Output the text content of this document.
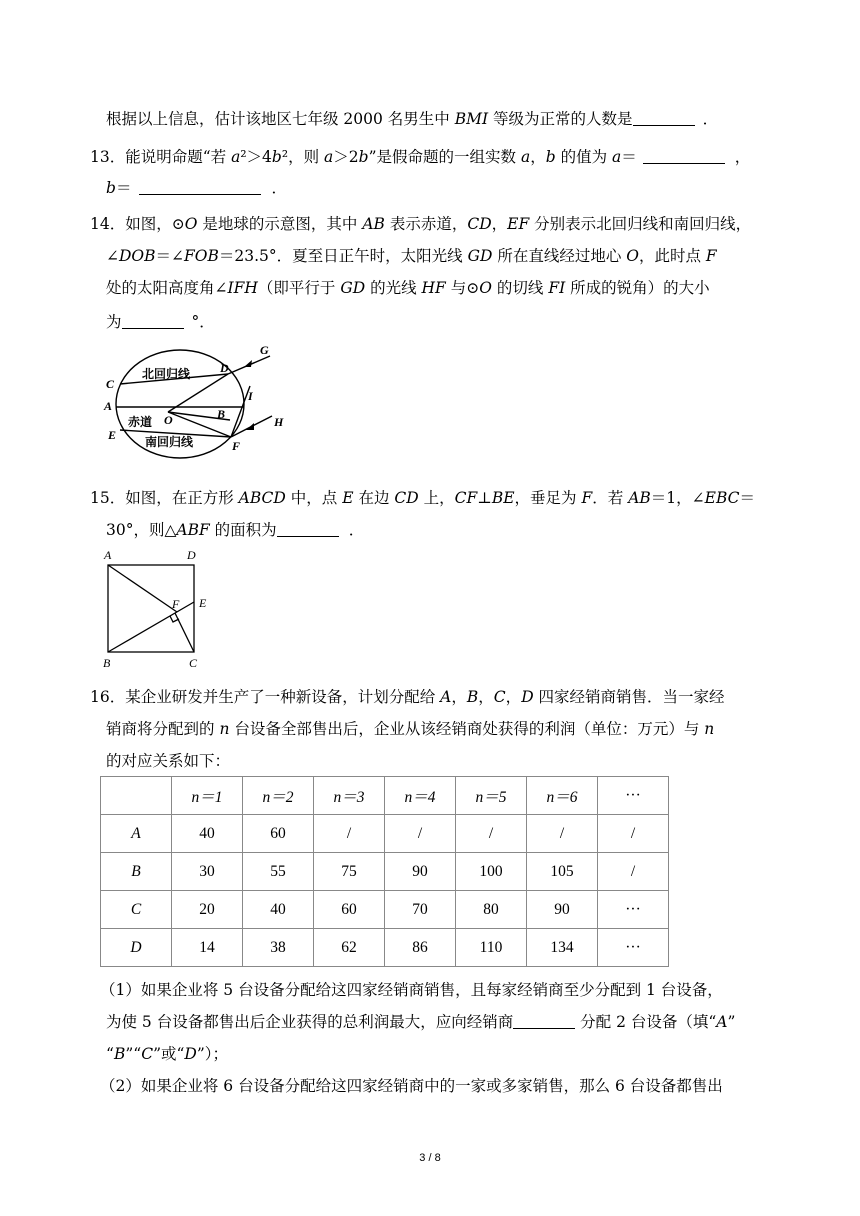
根据以上信息，估计该地区七年级 2000 名男生中 BMI 等级为正常的人数是	．
13．能说明命题“若 a²＞4b²，则 a＞2b”是假命题的一组实数 a，b 的值为 a＝	，
b＝	．
14．如图，⊙O 是地球的示意图，其中 AB 表示赤道，CD，EF 分别表示北回归线和南回归线，
∠DOB＝∠FOB＝23.5°．夏至日正午时，太阳光线 GD 所在直线经过地心 O，此时点 F
处的太阳高度角∠IFH（即平行于 GD 的光线 HF 与⊙O 的切线 FI 所成的锐角）的大小
为	°．
北回归线
赤道
南回归线
C
D
A
O	B
E
F
G
I
H
15．如图，在正方形 ABCD 中，点 E 在边 CD 上，CF⊥BE，垂足为 F．若 AB＝1，∠EBC＝
30°，则△ABF 的面积为	．
A	D
F E
B	C
16．某企业研发并生产了一种新设备，计划分配给 A，B，C，D 四家经销商销售．当一家经
销商将分配到的 n 台设备全部售出后，企业从该经销商处获得的利润（单位：万元）与 n
的对应关系如下：
	n＝1	n＝2	n＝3	n＝4	n＝5	n＝6	···
A	40	60	/	/	/	/	/
B	30	55	75	90	100	105	/
C	20	40	60	70	80	90	···
D	14	38	62	86	110	134	···
（1）如果企业将 5 台设备分配给这四家经销商销售，且每家经销商至少分配到 1 台设备，
为使 5 台设备都售出后企业获得的总利润最大，应向经销商	分配 2 台设备（填“A”
“B”“C”或“D”）；
（2）如果企业将 6 台设备分配给这四家经销商中的一家或多家销售，那么 6 台设备都售出
3 / 8
